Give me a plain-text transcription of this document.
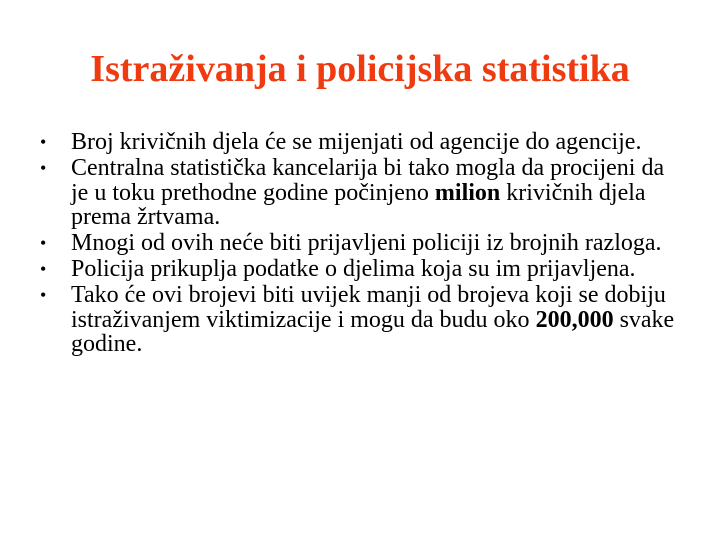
Istraživanja i policijska statistika
• Broj krivičnih djela će se mijenjati od agencije do agencije.
• Centralna statistička kancelarija bi tako mogla da procijeni da je u toku prethodne godine počinjeno milion krivičnih djela prema žrtvama.
• Mnogi od ovih neće biti prijavljeni policiji iz brojnih razloga.
• Policija prikuplja podatke o djelima koja su im prijavljena.
• Tako će ovi brojevi biti uvijek manji od brojeva koji se dobiju istraživanjem viktimizacije i mogu da budu oko 200,000 svake godine.
